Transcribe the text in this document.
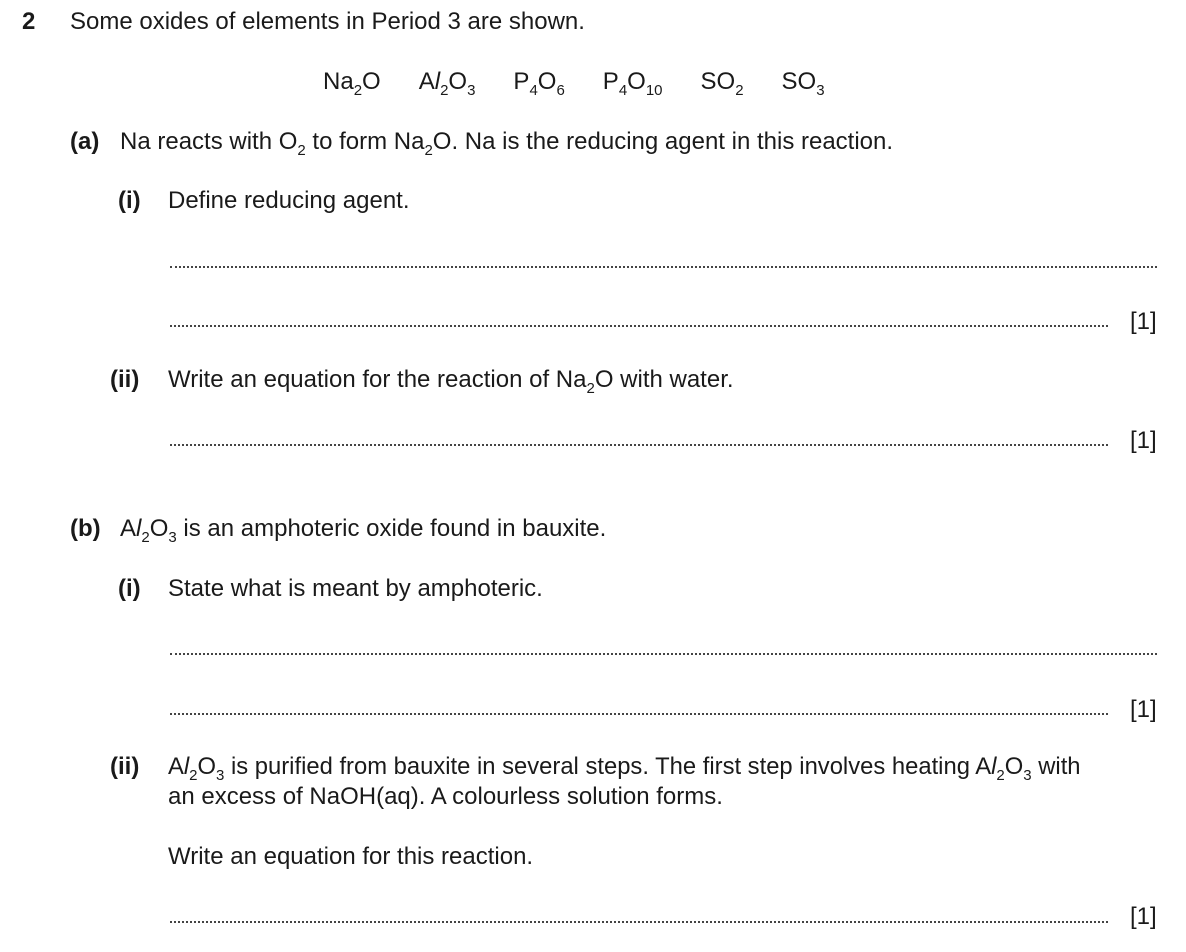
2 Some oxides of elements in Period 3 are shown.
$Na_2O$ $Al_2O_3$ $P_4O_6$ $P_4O_{10}$ $SO_2$ $SO_3$
(a) Na reacts with $O_2$ to form $Na_2O$. Na is the reducing agent in this reaction.
(i) Define reducing agent.
[1]
(ii) Write an equation for the reaction of $Na_2O$ with water.
[1]
(b) $Al_2O_3$ is an amphoteric oxide found in bauxite.
(i) State what is meant by amphoteric.
[1]
(ii) $Al_2O_3$ is purified from bauxite in several steps. The first step involves heating $Al_2O_3$ with
an excess of NaOH(aq). A colourless solution forms.
Write an equation for this reaction.
[1]
